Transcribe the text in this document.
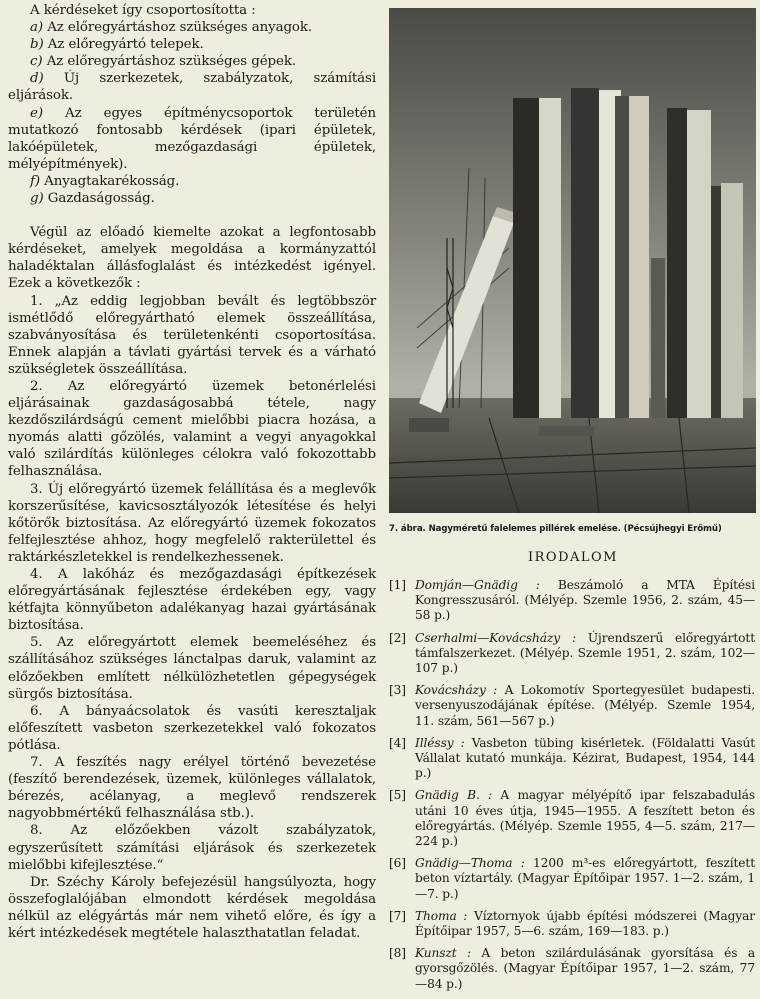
A kérdéseket így csoportosította :

a) Az előregyártáshoz szükséges anyagok.

b) Az előregyártó telepek.

c) Az előregyártáshoz szükséges gépek.

d) Új szerkezetek, szabályzatok, számítási eljárások.

e) Az egyes építménycsoportok területén mutatkozó fontosabb kérdések (ipari épületek, lakóépületek, mezőgazdasági épületek, mélyépítmények).

f) Anyagtakarékosság.

g) Gazdaságosság.

Végül az előadó kiemelte azokat a legfontosabb kérdéseket, amelyek megoldása a kormányzattól haladéktalan állásfoglalást és intézkedést igényel. Ezek a következők :

1. „Az eddig legjobban bevált és legtöbbször ismétlődő előregyártható elemek összeállítása, szabványosítása és területenkénti csoportosítása. Ennek alapján a távlati gyártási tervek és a várható szükségletek összeállítása.

2. Az előregyártó üzemek betonérlelési eljárásainak gazdaságosabbá tétele, nagy kezdőszilárdságú cement mielőbbi piacra hozása, a nyomás alatti gőzölés, valamint a vegyi anyagokkal való szilárdítás különleges célokra való fokozottabb felhasználása.

3. Új előregyártó üzemek felállítása és a meglevők korszerűsítése, kavicsosztályozók létesítése és helyi kőtörők biztosítása. Az előregyártó üzemek fokozatos felfejlesztése ahhoz, hogy megfelelő rakterülettel és raktárkészletekkel is rendelkezhessenek.

4. A lakóház és mezőgazdasági építkezések előregyártásának fejlesztése érdekében egy, vagy kétfajta könnyűbeton adalékanyag hazai gyártásának biztosítása.

5. Az előregyártott elemek beemeléséhez és szállításához szükséges lánctalpas daruk, valamint az előzőekben említett nélkülözhetetlen gépegységek sürgős biztosítása.

6. A bányaácsolatok és vasúti keresztaljak előfeszített vasbeton szerkezetekkel való fokozatos pótlása.

7. A feszítés nagy erélyel történő bevezetése (feszítő berendezések, üzemek, különleges vállalatok, bérezés, acélanyag, a meglevő rendszerek nagyobbmértékű felhasználása stb.).

8. Az előzőekben vázolt szabályzatok, egyszerűsített számítási eljárások és szerkezetek mielőbbi kifejlesztése.“

Dr. Széchy Károly befejezésül hangsúlyozta, hogy összefoglalójában elmondott kérdések megoldása nélkül az elégyártás már nem vihető előre, és így a kért intézkedések megtétele halaszthatatlan feladat.

7. ábra. Nagyméretű falelemes pillérek emelése. (Pécsújhegyi Erőmű)
IRODALOM
[1] Domján—Gnädig : Beszámoló a MTA Építési Kongresszusáról. (Mélyép. Szemle 1956, 2. szám, 45—58 p.)
[2] Cserhalmi—Kovácsházy : Újrendszerű előregyártott támfalszerkezet. (Mélyép. Szemle 1951, 2. szám, 102—107 p.)
[3] Kovácsházy : A Lokomotív Sportegyesület budapesti. versenyuszodájának építése. (Mélyép. Szemle 1954, 11. szám, 561—567 p.)
[4] Illéssy : Vasbeton tübing kisérletek. (Földalatti Vasút Vállalat kutató munkája. Kézirat, Budapest, 1954, 144 p.)
[5] Gnädig B. : A magyar mélyépítő ipar felszabadulás utáni 10 éves útja, 1945—1955. A feszített beton és előregyártás. (Mélyép. Szemle 1955, 4—5. szám, 217—224 p.)
[6] Gnädig—Thoma : 1200 m³-es előregyártott, feszített beton víztartály. (Magyar Építőipar 1957. 1—2. szám, 1—7. p.)
[7] Thoma : Víztornyok újabb építési módszerei (Magyar Építőipar 1957, 5—6. szám, 169—183. p.)
[8] Kunszt : A beton szilárdulásának gyorsítása és a gyorsgőzölés. (Magyar Építőipar 1957, 1—2. szám, 77—84 p.)
